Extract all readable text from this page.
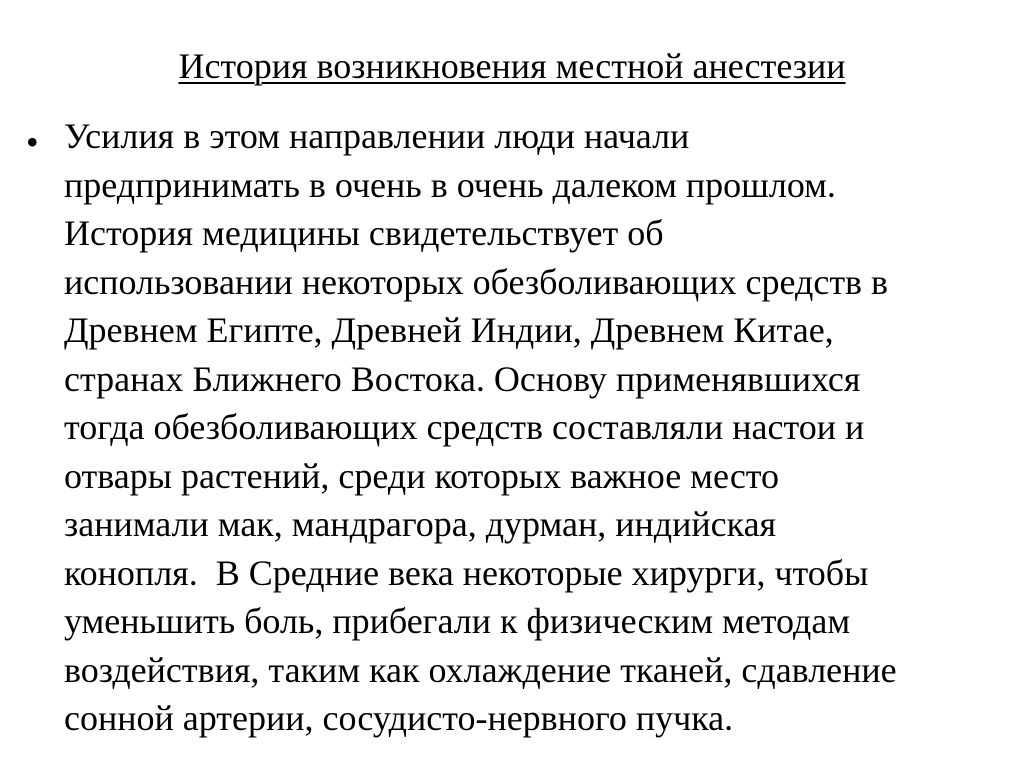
История возникновения местной анестезии
• Усилия в этом направлении люди начали
предпринимать в очень в очень далеком прошлом.
История медицины свидетельствует об
использовании некоторых обезболивающих средств в
Древнем Египте, Древней Индии, Древнем Китае,
странах Ближнего Востока. Основу применявшихся
тогда обезболивающих средств составляли настои и
отвары растений, среди которых важное место
занимали мак, мандрагора, дурман, индийская
конопля.  В Средние века некоторые хирурги, чтобы
уменьшить боль, прибегали к физическим методам
воздействия, таким как охлаждение тканей, сдавление
сонной артерии, сосудисто-нервного пучка.
